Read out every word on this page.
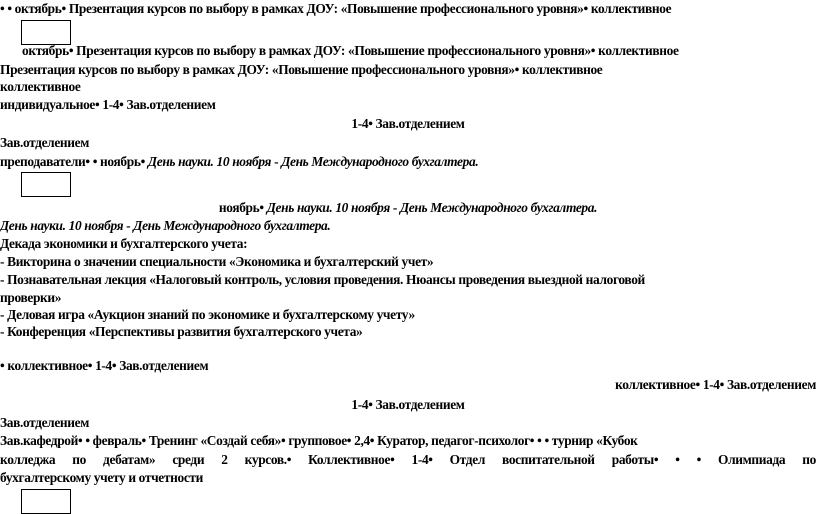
• • октябрь• Презентация курсов по выбору в рамках ДОУ: «Повышение профессионального уровня»• коллективное
октябрь• Презентация курсов по выбору в рамках ДОУ: «Повышение профессионального уровня»• коллективное
Презентация курсов по выбору в рамках ДОУ: «Повышение профессионального уровня»• коллективное
коллективное
индивидуальное• 1-4• Зав.отделением
1-4• Зав.отделением
Зав.отделением
преподаватели• • ноябрь• День науки. 10 ноября - День Международного бухгалтера.
ноябрь• День науки. 10 ноября - День Международного бухгалтера.
День науки. 10 ноября - День Международного бухгалтера.
Декада экономики и бухгалтерского учета:
- Викторина о значении специальности «Экономика и бухгалтерский учет»
- Познавательная лекция «Налоговый контроль, условия проведения. Нюансы проведения выездной налоговой
проверки»
- Деловая игра «Аукцион знаний по экономике и бухгалтерскому учету»
- Конференция «Перспективы развития бухгалтерского учета»
• коллективное• 1-4• Зав.отделением
коллективное• 1-4• Зав.отделением
1-4• Зав.отделением
Зав.отделением
Зав.кафедрой• • февраль• Тренинг «Создай себя»• групповое• 2,4• Куратор, педагог-психолог• • • турнир «Кубок
колледжа по дебатам» среди 2 курсов.• Коллективное• 1-4• Отдел воспитательной работы• • • Олимпиада по
бухгалтерскому учету и отчетности
